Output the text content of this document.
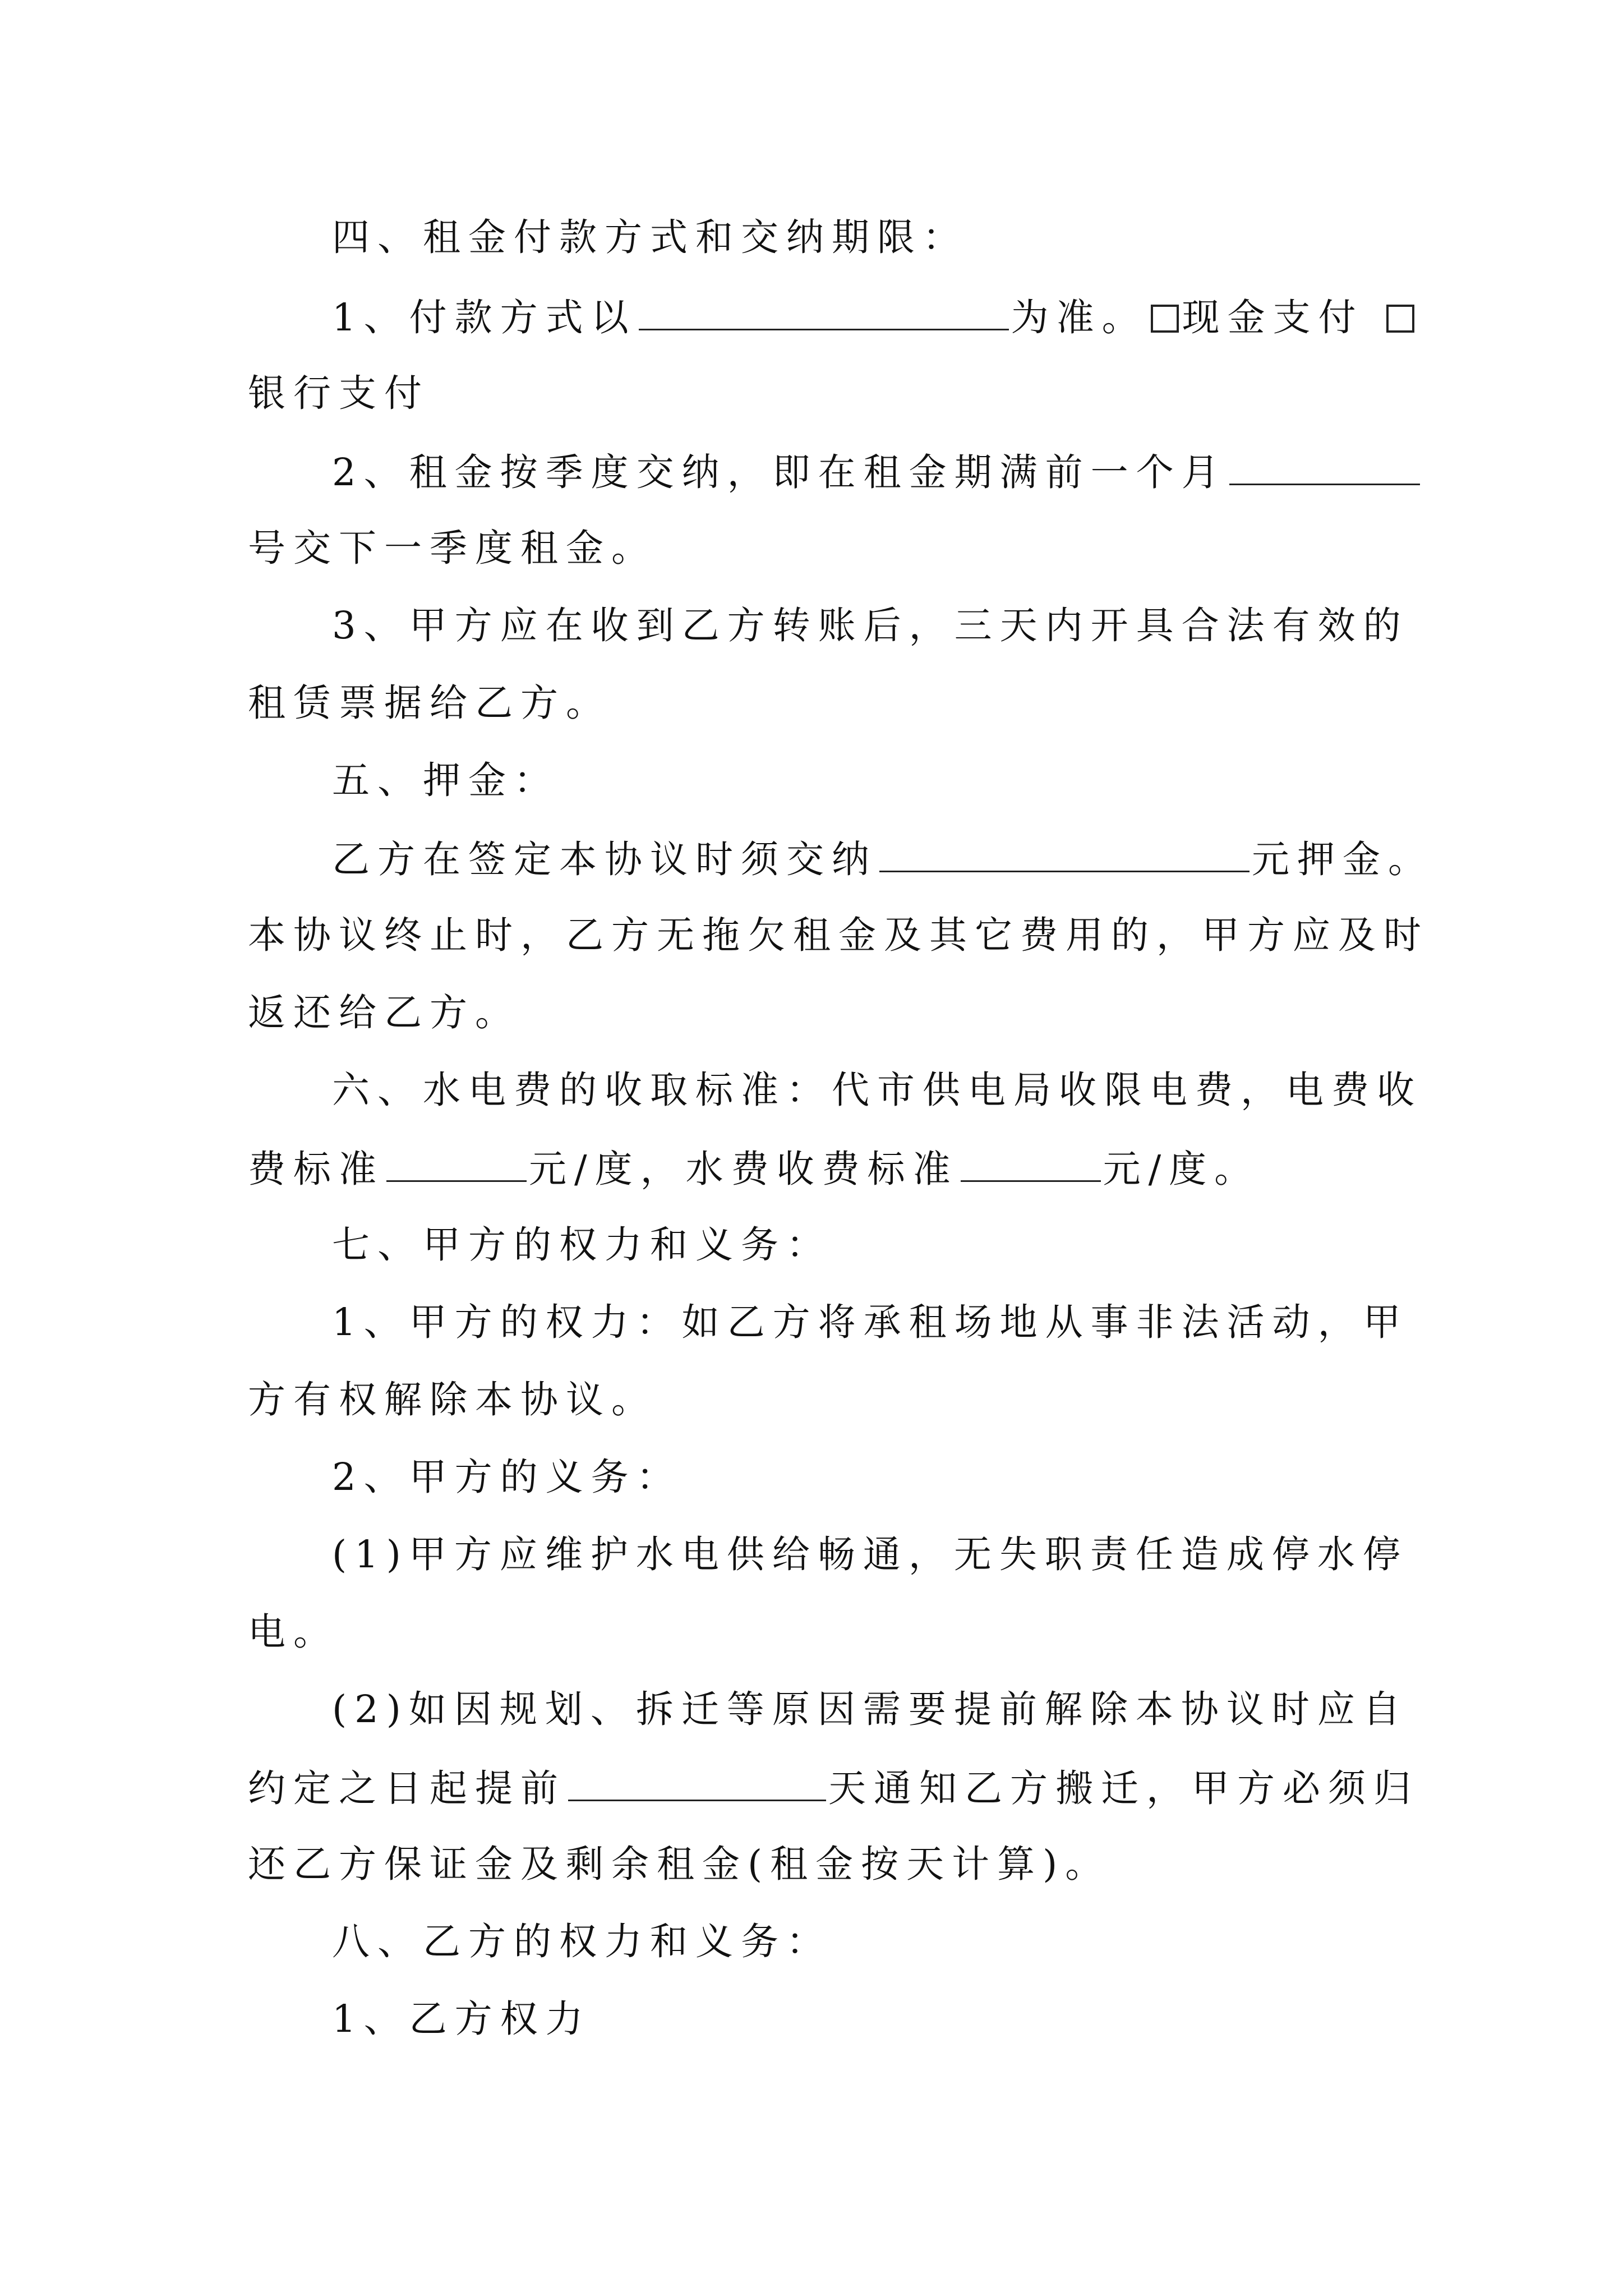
四、租金付款方式和交纳期限：
1、付款方式以	为准。 现金支付
银行支付
2、租金按季度交纳，即在租金期满前一个月
号交下一季度租金。
3、甲方应在收到乙方转账后，三天内开具合法有效的
租赁票据给乙方。
五、押金：
乙方在签定本协议时须交纳	元押金。
本协议终止时，乙方无拖欠租金及其它费用的，甲方应及时
返还给乙方。
六、水电费的收取标准：代市供电局收限电费，电费收
费标准	元/度，水费收费标准	元/度。
七、甲方的权力和义务：
1、甲方的权力：如乙方将承租场地从事非法活动，甲
方有权解除本协议。
2、甲方的义务：
(1)甲方应维护水电供给畅通，无失职责任造成停水停
电。
(2)如因规划、拆迁等原因需要提前解除本协议时应自
约定之日起提前	天通知乙方搬迁，甲方必须归
还乙方保证金及剩余租金(租金按天计算)。
八、乙方的权力和义务：
1、乙方权力
